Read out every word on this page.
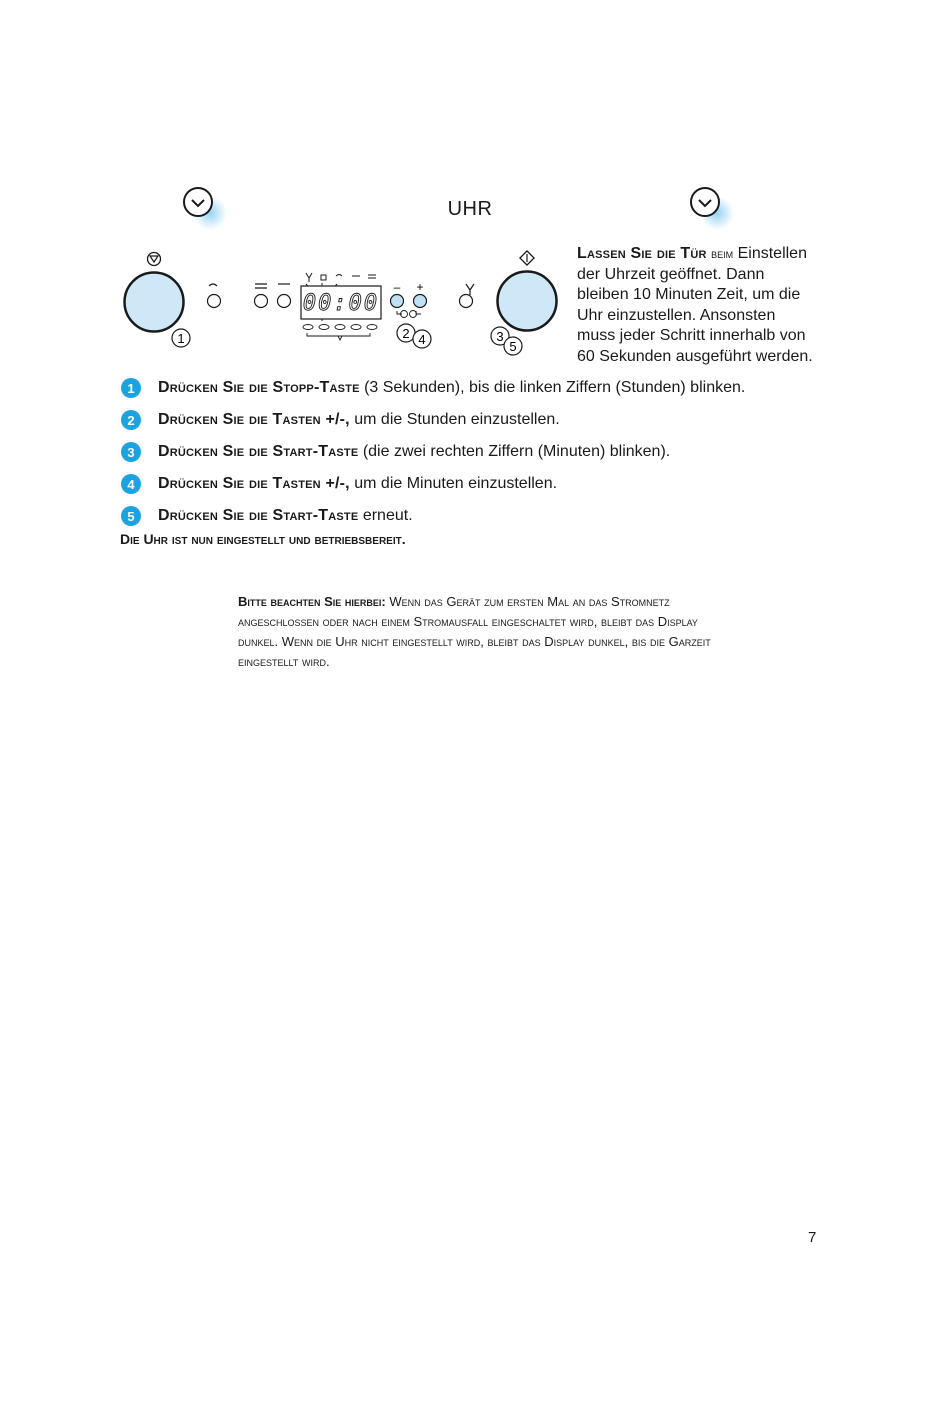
UHR
1
00:00
– +
2 4	3
5
Lassen Sie die Tür beim Einstellen der Uhrzeit geöffnet. Dann bleiben 10 Minuten Zeit, um die Uhr einzustellen. Ansonsten muss jeder Schritt innerhalb von 60 Sekunden ausgeführt werden.
1	Drücken Sie die Stopp-Taste (3 Sekunden), bis die linken Ziffern (Stunden) blinken.
2	Drücken Sie die Tasten +/-, um die Stunden einzustellen.
3	Drücken Sie die Start-Taste (die zwei rechten Ziffern (Minuten) blinken).
4	Drücken Sie die Tasten +/-, um die Minuten einzustellen.
5	Drücken Sie die Start-Taste erneut.
Die Uhr ist nun eingestellt und betriebsbereit.
Bitte beachten Sie hierbei: Wenn das Gerät zum ersten Mal an das Stromnetz angeschlossen oder nach einem Stromausfall eingeschaltet wird, bleibt das Display dunkel. Wenn die Uhr nicht eingestellt wird, bleibt das Display dunkel, bis die Garzeit eingestellt wird.
7
